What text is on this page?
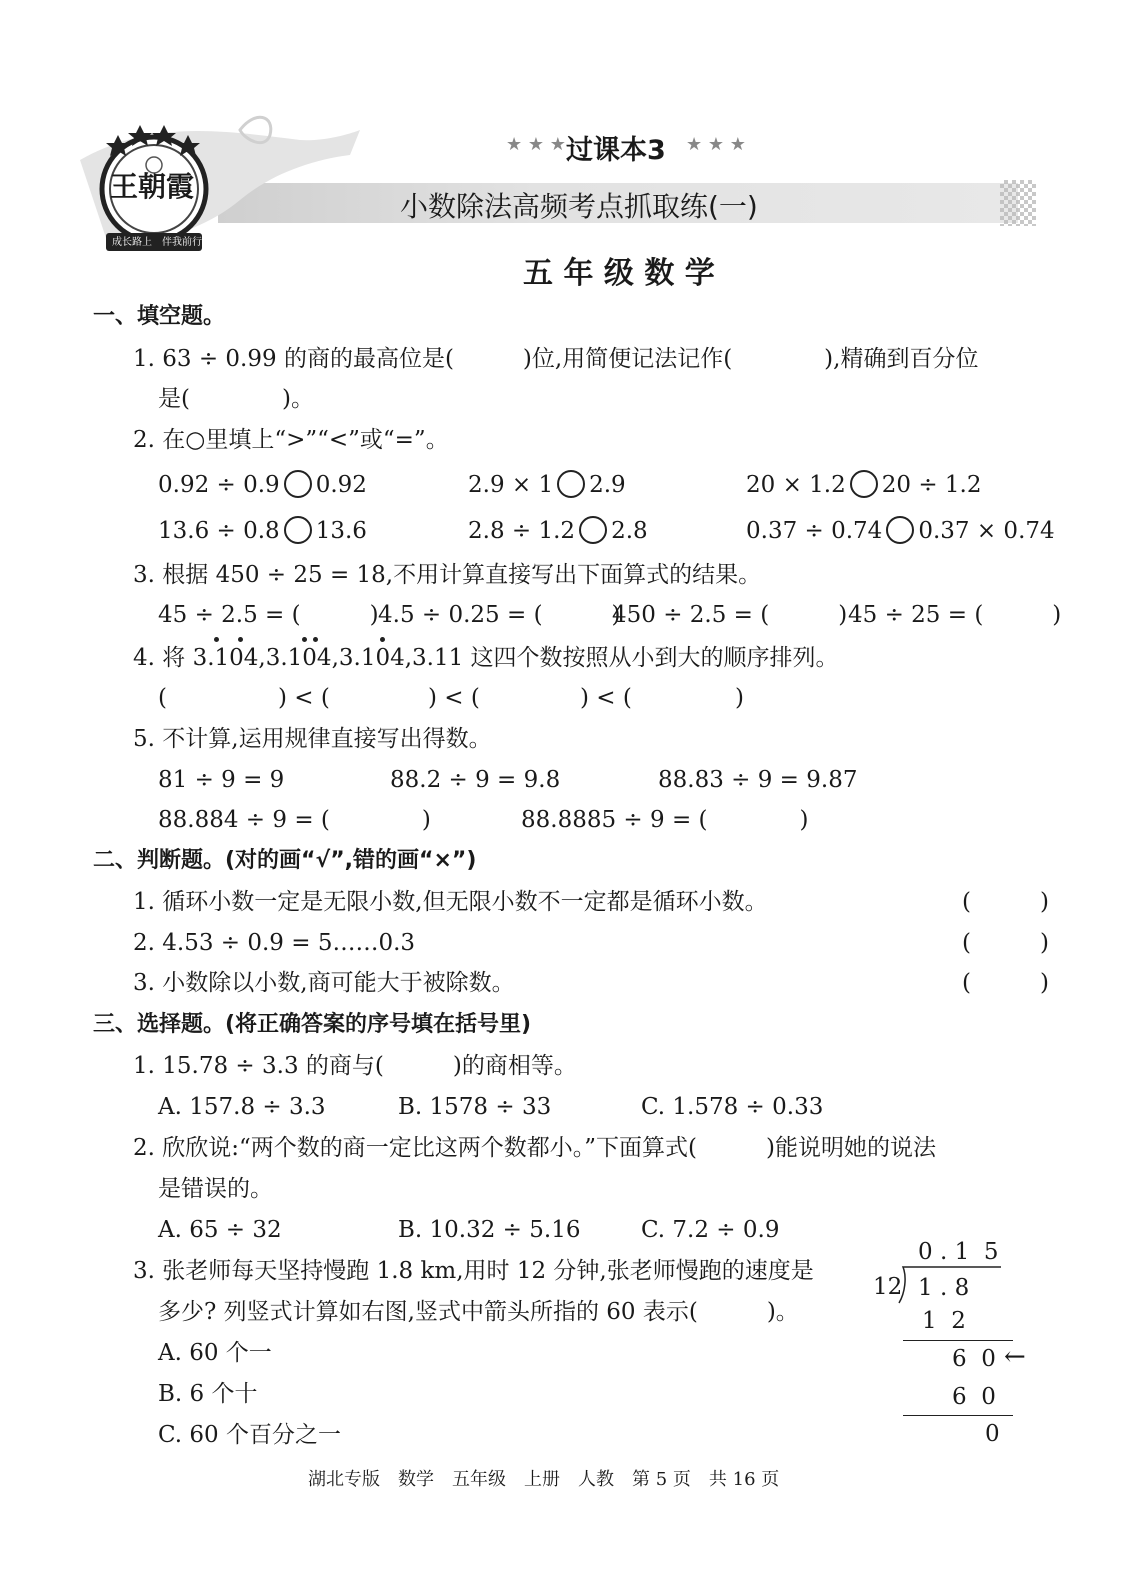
王朝霞
成长路上 伴我前行
★ ★ ★ 过课本3 ★ ★ ★
小数除法高频考点抓取练(一)
五 年 级 数 学
一、填空题。
1. 63 ÷ 0.99 的商的最高位是(　　　)位,用简便记法记作(　　　　),精确到百分位
是(　　　　)。
2. 在○里填上“>”“<”或“=”。
0.92 ÷ 0.9 0.92	2.9 × 1 2.9	20 × 1.2 20 ÷ 1.2
13.6 ÷ 0.8 13.6	2.8 ÷ 1.2 2.8	0.37 ÷ 0.74 0.37 × 0.74
3. 根据 450 ÷ 25 = 18,不用计算直接写出下面算式的结果。
45 ÷ 2.5 = (　　　) 4.5 ÷ 0.25 = (　　　)
450 ÷ 2.5 = (　　　) 45 ÷ 25 = (　　　)
4. 将 3.104,3.104,3.104,3.11 这四个数按照从小到大的顺序排列。
(	) < (	) < (	) < (	)
5. 不计算,运用规律直接写出得数。
81 ÷ 9 = 9	88.2 ÷ 9 = 9.8	88.83 ÷ 9 = 9.87
88.884 ÷ 9 = (　　　　)	88.8885 ÷ 9 = (　　　　)
二、判断题。(对的画“√”,错的画“×”)
1. 循环小数一定是无限小数,但无限小数不一定都是循环小数。	(　　　)
2. 4.53 ÷ 0.9 = 5……0.3	(　　　)
3. 小数除以小数,商可能大于被除数。	(　　　)
三、选择题。(将正确答案的序号填在括号里)
1. 15.78 ÷ 3.3 的商与(　　　)的商相等。
A. 157.8 ÷ 3.3	B. 1578 ÷ 33	C. 1.578 ÷ 0.33
2. 欣欣说:“两个数的商一定比这两个数都小。”下面算式(　　　)能说明她的说法
是错误的。
A. 65 ÷ 32	B. 10.32 ÷ 5.16	C. 7.2 ÷ 0.9
3. 张老师每天坚持慢跑 1.8 km,用时 12 分钟,张老师慢跑的速度是
多少? 列竖式计算如右图,竖式中箭头所指的 60 表示(　　　)。
A. 60 个一
B. 6 个十
C. 60 个百分之一
0 . 1  5
12 1 . 8
1  2
6  0 ←
6  0
0
湖北专版　数学　五年级　上册　人教　第 5 页　共 16 页
